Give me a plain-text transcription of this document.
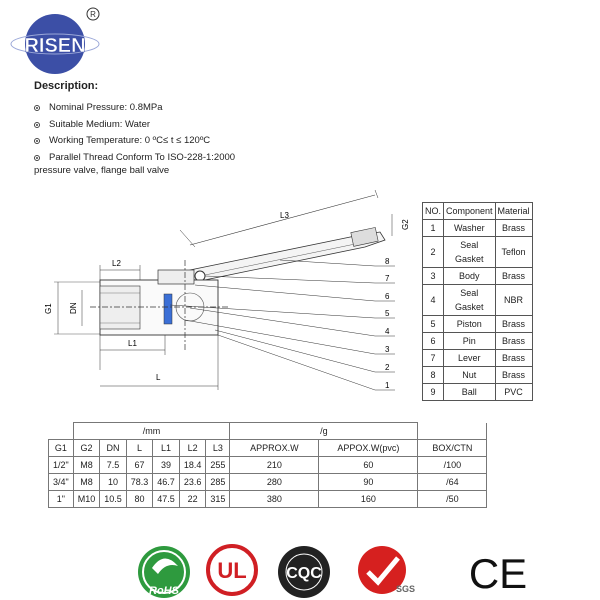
RISEN
R
Description:
Nominal Pressure: 0.8MPa
Suitable Medium: Water
Working Temperature: 0 ºC≤ t ≤ 120ºC
Parallel Thread Conform To ISO-228-1:2000
pressure valve, flange ball valve
L3
G2
L2
G1 DN
L1
L
8
7
6
5
4
3
2
1
NO.	Component	Material
1	Washer	Brass
2	Seal Gasket	Teflon
3	Body	Brass
4	Seal Gasket	NBR
5	Piston	Brass
6	Pin	Brass
7	Lever	Brass
8	Nut	Brass
9	Ball	PVC
	/mm						/g		
G1	G2	DN	L	L1	L2	L3	APPROX.W	APPOX.W(pvc)	BOX/CTN
1/2"	M8	7.5	67	39	18.4	255	210	60	/100
3/4"	M8	10	78.3	46.7	23.6	285	280	90	/64
1"	M10	10.5	80	47.5	22	315	380	160	/50
RoHS
UL CQC
SGS CE
